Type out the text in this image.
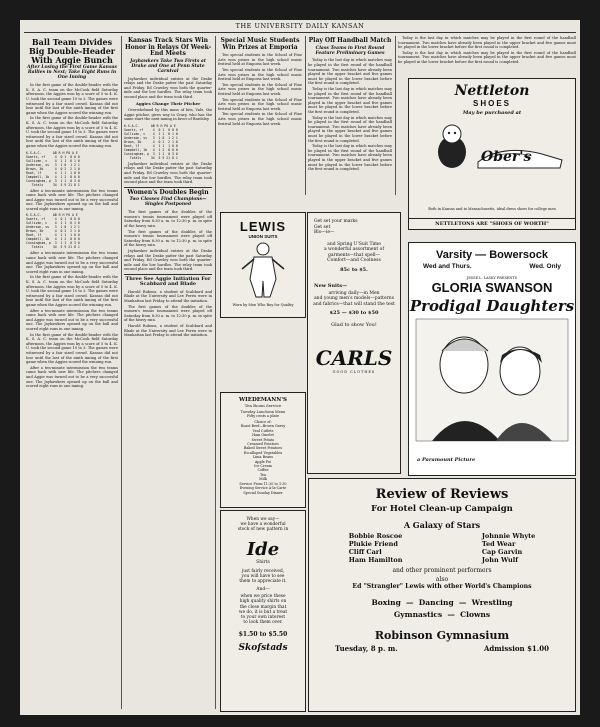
THE UNIVERSITY DAILY KANSAN
Ball Team Divides Big Double-Header With Aggie Bunch
After Losing the First Game Kansas Rallies in Next; Take Eight Runs in One Inning

In the first game of the double-header with the K. S. A. C. team on the McCook field Saturday afternoon, the Aggies won by a score of 5 to 4. K. U. took the second game 10 to 3. The games were witnessed by a fair sized crowd. Kansas did not lose until the last of the ninth inning of the first game when the Aggies scored the winning run.

In the first game of the double-header with the K. S. A. C. team on the McCook field Saturday afternoon, the Aggies won by a score of 5 to 4. K. U. took the second game 10 to 3. The games were witnessed by a fair sized crowd. Kansas did not lose until the last of the ninth inning of the first game when the Aggies scored the winning run.

K.S.A.C.      AB R H PO A E
Swartz, rf     4  0 1  0 0 0
Sullivan, c    4  1 1  6 1 0
Anderson, ss   3  1 0  1 2 1
Brown, 3b      4  0 2  2 1 0
Root, lf       4  1 1  1 0 0
Campbell, 1b   4  1 2  8 0 0
Cunningham, p  3  1 1  0 3 0
Totals     34  5 9 21 8 1

After a ten-minute intermission the two teams came back with new life. The pitchers changed and Aggie was turned out to be a very successful one. The Jayhawkers opened up on the ball and scored eight runs in one inning.

K.S.A.C.      AB R H PO A E
Swartz, rf     4  0 1  0 0 0
Sullivan, c    4  1 1  6 1 0
Anderson, ss   3  1 0  1 2 1
Brown, 3b      4  0 2  2 1 0
Root, lf       4  1 1  1 0 0
Campbell, 1b   4  1 2  8 0 0
Cunningham, p  3  1 1  0 3 0
Totals     34  5 9 21 8 1

After a ten-minute intermission the two teams came back with new life. The pitchers changed and Aggie was turned out to be a very successful one. The Jayhawkers opened up on the ball and scored eight runs in one inning.

In the first game of the double-header with the K. S. A. C. team on the McCook field Saturday afternoon, the Aggies won by a score of 5 to 4. K. U. took the second game 10 to 3. The games were witnessed by a fair sized crowd. Kansas did not lose until the last of the ninth inning of the first game when the Aggies scored the winning run.

After a ten-minute intermission the two teams came back with new life. The pitchers changed and Aggie was turned out to be a very successful one. The Jayhawkers opened up on the ball and scored eight runs in one inning.

In the first game of the double-header with the K. S. A. C. team on the McCook field Saturday afternoon, the Aggies won by a score of 5 to 4. K. U. took the second game 10 to 3. The games were witnessed by a fair sized crowd. Kansas did not lose until the last of the ninth inning of the first game when the Aggies scored the winning run.

After a ten-minute intermission the two teams came back with new life. The pitchers changed and Aggie was turned out to be a very successful one. The Jayhawkers opened up on the ball and scored eight runs in one inning.

Kansas Track Stars Win Honor in Relays Of Week-End Meets
Jayhawkers Take Two Firsts at Drake and One at Penn State Carnival

Jayhawker individual entries at the Drake relays and the Drake patter the past Saturday and Friday. Ed Crawley won both the quarter-mile and the low hurdles. The relay team took second place and the team took third.

Aggies Change Their Pitcher

Overwhelmed by this mass of hits, Vale, the Aggie pitcher, gives way to Crary, who has the same start the next inning in favor of Bardsley.

K.S.A.C.      AB R H PO A E
Swartz, rf     4  0 1  0 0 0
Sullivan, c    4  1 1  6 1 0
Anderson, ss   3  1 0  1 2 1
Brown, 3b      4  0 2  2 1 0
Root, lf       4  1 1  1 0 0
Campbell, 1b   4  1 2  8 0 0
Cunningham, p  3  1 1  0 3 0
Totals     34  5 9 21 8 1

Jayhawker individual entries at the Drake relays and the Drake patter the past Saturday and Friday. Ed Crawley won both the quarter-mile and the low hurdles. The relay team took second place and the team took third.

Women's Doubles Begin
Two Classes Find Champions—Singles Postponed

The first games of the doubles of the women's tennis tournament were played off Saturday from 8:30 a. m. to 12:30 p. m. in spite of the heavy rain.

The first games of the doubles of the women's tennis tournament were played off Saturday from 8:30 a. m. to 12:30 p. m. in spite of the heavy rain.

Jayhawker individual entries at the Drake relays and the Drake patter the past Saturday and Friday. Ed Crawley won both the quarter-mile and the low hurdles. The relay team took second place and the team took third.

Three See Aggie Initiation For Scabbard and Blade

Harold Rubens, a student of Scabbard and Blade at the University and Lee Ferris were in Manhattan last Friday to attend the initiation.

The first games of the doubles of the women's tennis tournament were played off Saturday from 8:30 a. m. to 12:30 p. m. in spite of the heavy rain.

Harold Rubens, a student of Scabbard and Blade at the University and Lee Ferris were in Manhattan last Friday to attend the initiation.

Special Music Students Win Prizes at Emporia

Ten special students in the School of Fine Arts won prizes in the high school music festival held at Emporia last week.

Ten special students in the School of Fine Arts won prizes in the high school music festival held at Emporia last week.

Ten special students in the School of Fine Arts won prizes in the high school music festival held at Emporia last week.

Ten special students in the School of Fine Arts won prizes in the high school music festival held at Emporia last week.

Ten special students in the School of Fine Arts won prizes in the high school music festival held at Emporia last week.

Play Off Handball Match
Class Teams in First Round Feature Preliminary Games

Today is the last day in which matches may be played in the first round of the handball tournament. Two matches have already been played in the upper bracket and five games must be played in the lower bracket before the first round is completed.

Today is the last day in which matches may be played in the first round of the handball tournament. Two matches have already been played in the upper bracket and five games must be played in the lower bracket before the first round is completed.

Today is the last day in which matches may be played in the first round of the handball tournament. Two matches have already been played in the upper bracket and five games must be played in the lower bracket before the first round is completed.

Today is the last day in which matches may be played in the first round of the handball tournament. Two matches have already been played in the upper bracket and five games must be played in the lower bracket before the first round is completed.

Today is the last day in which matches may be played in the first round of the handball tournament. Two matches have already been played in the upper bracket and five games must be played in the lower bracket before the first round is completed.

Today is the last day in which matches may be played in the first round of the handball tournament. Two matches have already been played in the upper bracket and five games must be played in the lower bracket before the first round is completed.

Nettleton
SHOES
May be purchased at
Ober's
Both in Kansas and in Massachusetts, ideal dress shoes for college men
NETTLETONS ARE "SHOES OF WORTH"
LEWIS
UNION SUITS
Worn by Men Who Buy for Quality
Get set your marks
Get set
Blo—ie—
and Spring U'Suit Time
a wonderful assortment of
garments—that spell—
Comfort—and Coolness
85c to $5.
New Suits—
arriving daily—in Men
and young men's models—patterns
and fabrics—that will stand the test
$25 — $30 to $50
Glad to show You!
CARLS
GOOD CLOTHES
WIEDEMANN'S
Tea Room Service
Tuesday Luncheon Menu
Fifty cents a plate
Choice of:
Roast Beef—Brown Gravy
Veal Cutlets
Ham Omelet
Sweet Potato
Creamed Potatoes
Baked Sweet Potatoes
Escalloped Vegetables
Lima Beans
Apple Pie
Ice Cream
Coffee
Tea
Milk
Service From 11:30 to 1:30
Evening Service A-la-Carte
Special Sunday Dinner
When we say—
we have a wonderful
stock of new pattern in
Ide
Shirts
just fairly received,
you will have to see
them to appreciate it.
And—
when we price these
high quality shirts on
the close margin that
we do, it is but a treat
to your own interest
to look them over.
$1.50 to $5.50
Skofstads
Varsity — Bowersock
Wed and Thurs.	Wed. Only
JESSE L. LASKY PRESENTS
GLORIA SWANSON
Prodigal Daughters
a Paramount Picture
Review of Reviews
For Hotel Clean-up Campaign
A Galaxy of Stars
Bobbie Roscoe
Plukie Friend
Cliff Carl
Ham Hamilton
Johnnie Whyte
Ted Wear
Cap Garvin
John Wulf
and other prominent performers
also
Ed "Strangler" Lewis with other World's Champions
Boxing  —  Dancing  —  Wrestling
Gymnastics  —  Clowns
Robinson Gymnasium
Tuesday, 8 p. m.	Admission $1.00
